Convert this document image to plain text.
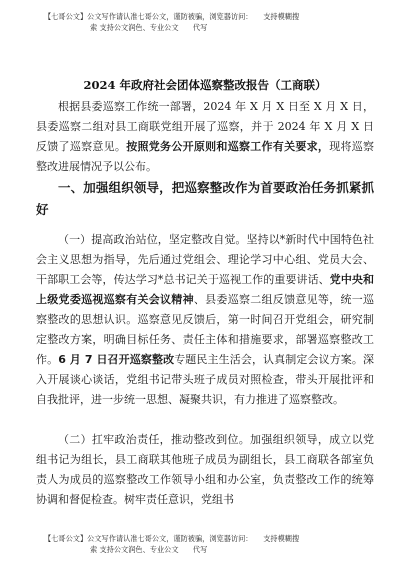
【七哥公文】公文写作请认准七哥公文，谨防被骗，浏览器访问：　　支持模糊搜
索 支持公文润色、专业公文　　代写
2024 年政府社会团体巡察整改报告（工商联）
根据县委巡察工作统一部署，2024 年 X 月 X 日至 X 月 X 日，县委巡察二组对县工商联党组开展了巡察，并于 2024 年 X 月 X 日反馈了巡察意见。按照党务公开原则和巡察工作有关要求，现将巡察整改进展情况予以公布。
一、加强组织领导，把巡察整改作为首要政治任务抓紧抓好
（一）提高政治站位，坚定整改自觉。坚持以*新时代中国特色社会主义思想为指导，先后通过党组会、理论学习中心组、党员大会、干部职工会等，传达学习*总书记关于巡视工作的重要讲话、党中央和上级党委巡视巡察有关会议精神、县委巡察二组反馈意见等，统一巡察整改的思想认识。巡察意见反馈后，第一时间召开党组会，研究制定整改方案，明确目标任务、责任主体和措施要求，部署巡察整改工作。6 月 7 日召开巡察整改专题民主生活会，认真制定会议方案。深入开展谈心谈话，党组书记带头班子成员对照检查，带头开展批评和自我批评，进一步统一思想、凝聚共识，有力推进了巡察整改。
（二）扛牢政治责任，推动整改到位。加强组织领导，成立以党组书记为组长，县工商联其他班子成员为副组长，县工商联各部室负责人为成员的巡察整改工作领导小组和办公室，负责整改工作的统筹协调和督促检查。树牢责任意识，党组书
【七哥公文】公文写作请认准七哥公文，谨防被骗，浏览器访问：　　支持模糊搜
索 支持公文润色、专业公文　　代写
